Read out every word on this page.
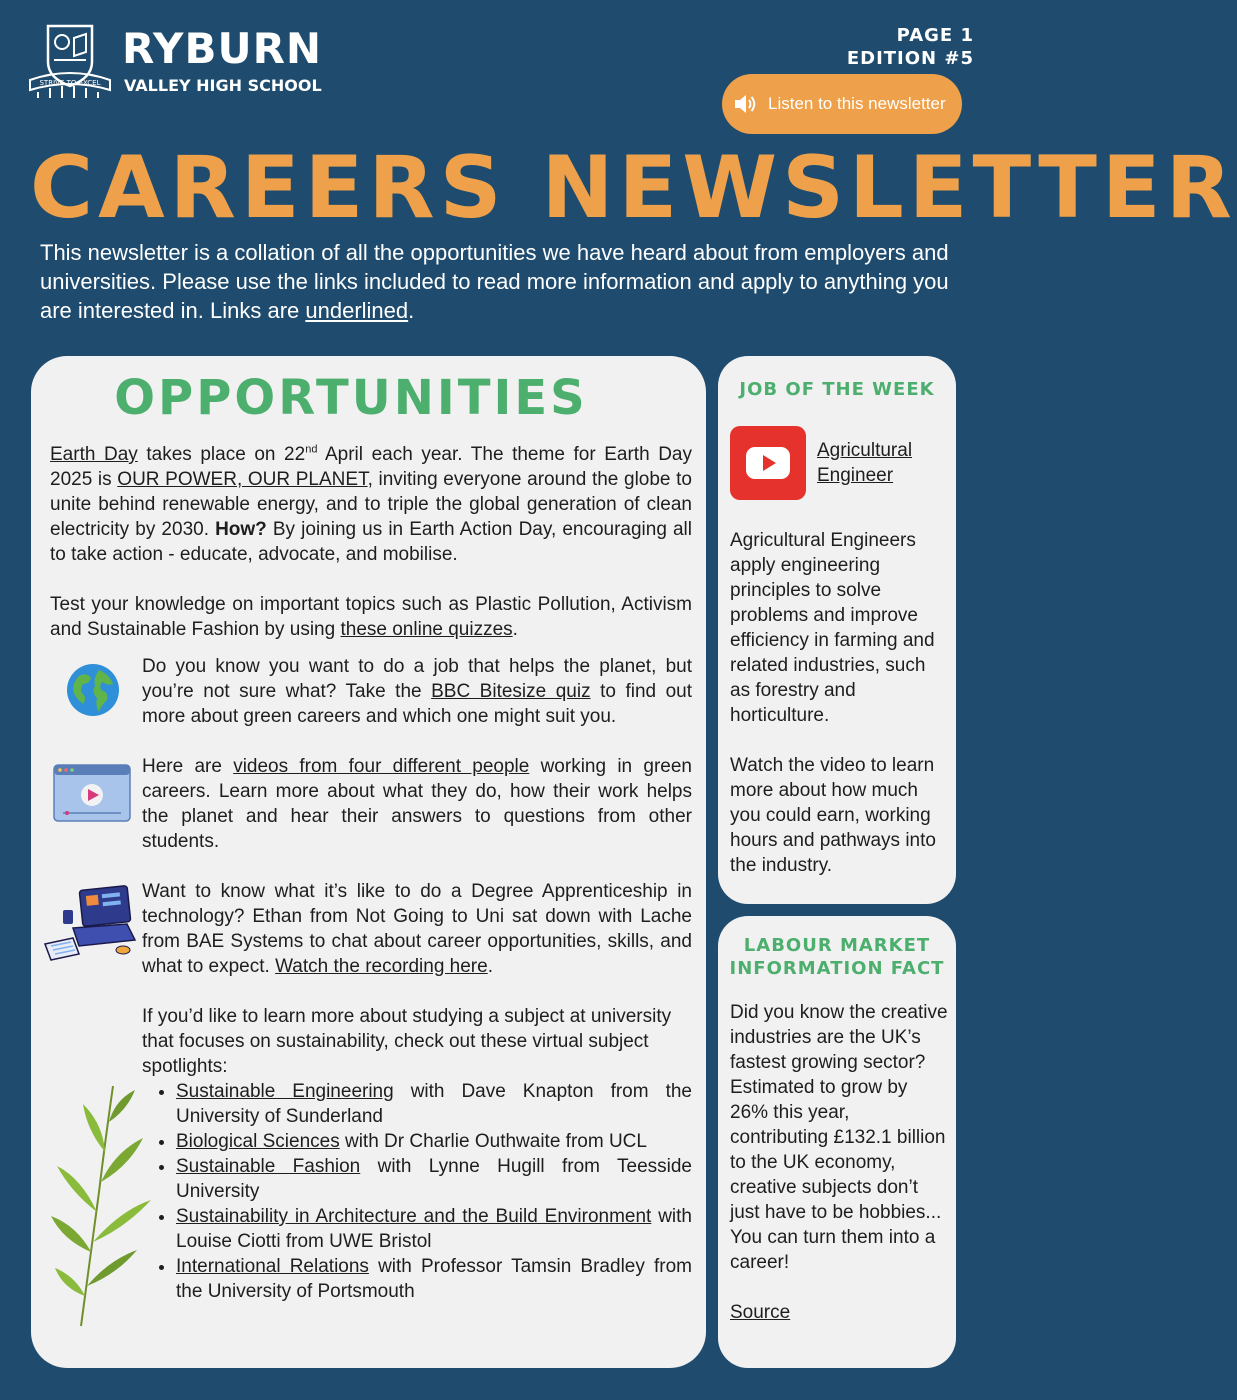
STRIVE TO EXCEL
RYBURN
VALLEY HIGH SCHOOL
PAGE 1
EDITION #5
Listen to this newsletter
CAREERS NEWSLETTER

This newsletter is a collation of all the opportunities we have heard about from employers and universities. Please use the links included to read more information and apply to anything you are interested in. Links are underlined.

OPPORTUNITIES

Earth Day takes place on 22nd April each year. The theme for Earth Day 2025 is OUR POWER, OUR PLANET, inviting everyone around the globe to unite behind renewable energy, and to triple the global generation of clean electricity by 2030. How? By joining us in Earth Action Day, encouraging all to take action - educate, advocate, and mobilise.

Test your knowledge on important topics such as Plastic Pollution, Activism and Sustainable Fashion by using these online quizzes.

Do you know you want to do a job that helps the planet, but you’re not sure what? Take the BBC Bitesize quiz to find out more about green careers and which one might suit you.

Here are videos from four different people working in green careers. Learn more about what they do, how their work helps the planet and hear their answers to questions from other students.

Want to know what it’s like to do a Degree Apprenticeship in technology? Ethan from Not Going to Uni sat down with Lache from BAE Systems to chat about career opportunities, skills, and what to expect. Watch the recording here.

If you’d like to learn more about studying a subject at university that focuses on sustainability, check out these virtual subject spotlights:

• Sustainable Engineering with Dave Knapton from the University of Sunderland
• Biological Sciences with Dr Charlie Outhwaite from UCL
• Sustainable Fashion with Lynne Hugill from Teesside University
• Sustainability in Architecture and the Build Environment with Louise Ciotti from UWE Bristol
• International Relations with Professor Tamsin Bradley from the University of Portsmouth
JOB OF THE WEEK
Agricultural Engineer

Agricultural Engineers apply engineering principles to solve problems and improve efficiency in farming and related industries, such as forestry and horticulture.

Watch the video to learn more about how much you could earn, working hours and pathways into the industry.

LABOUR MARKET INFORMATION FACT

Did you know the creative industries are the UK’s fastest growing sector? Estimated to grow by 26% this year, contributing £132.1 billion to the UK economy, creative subjects don’t just have to be hobbies... You can turn them into a career!

Source
